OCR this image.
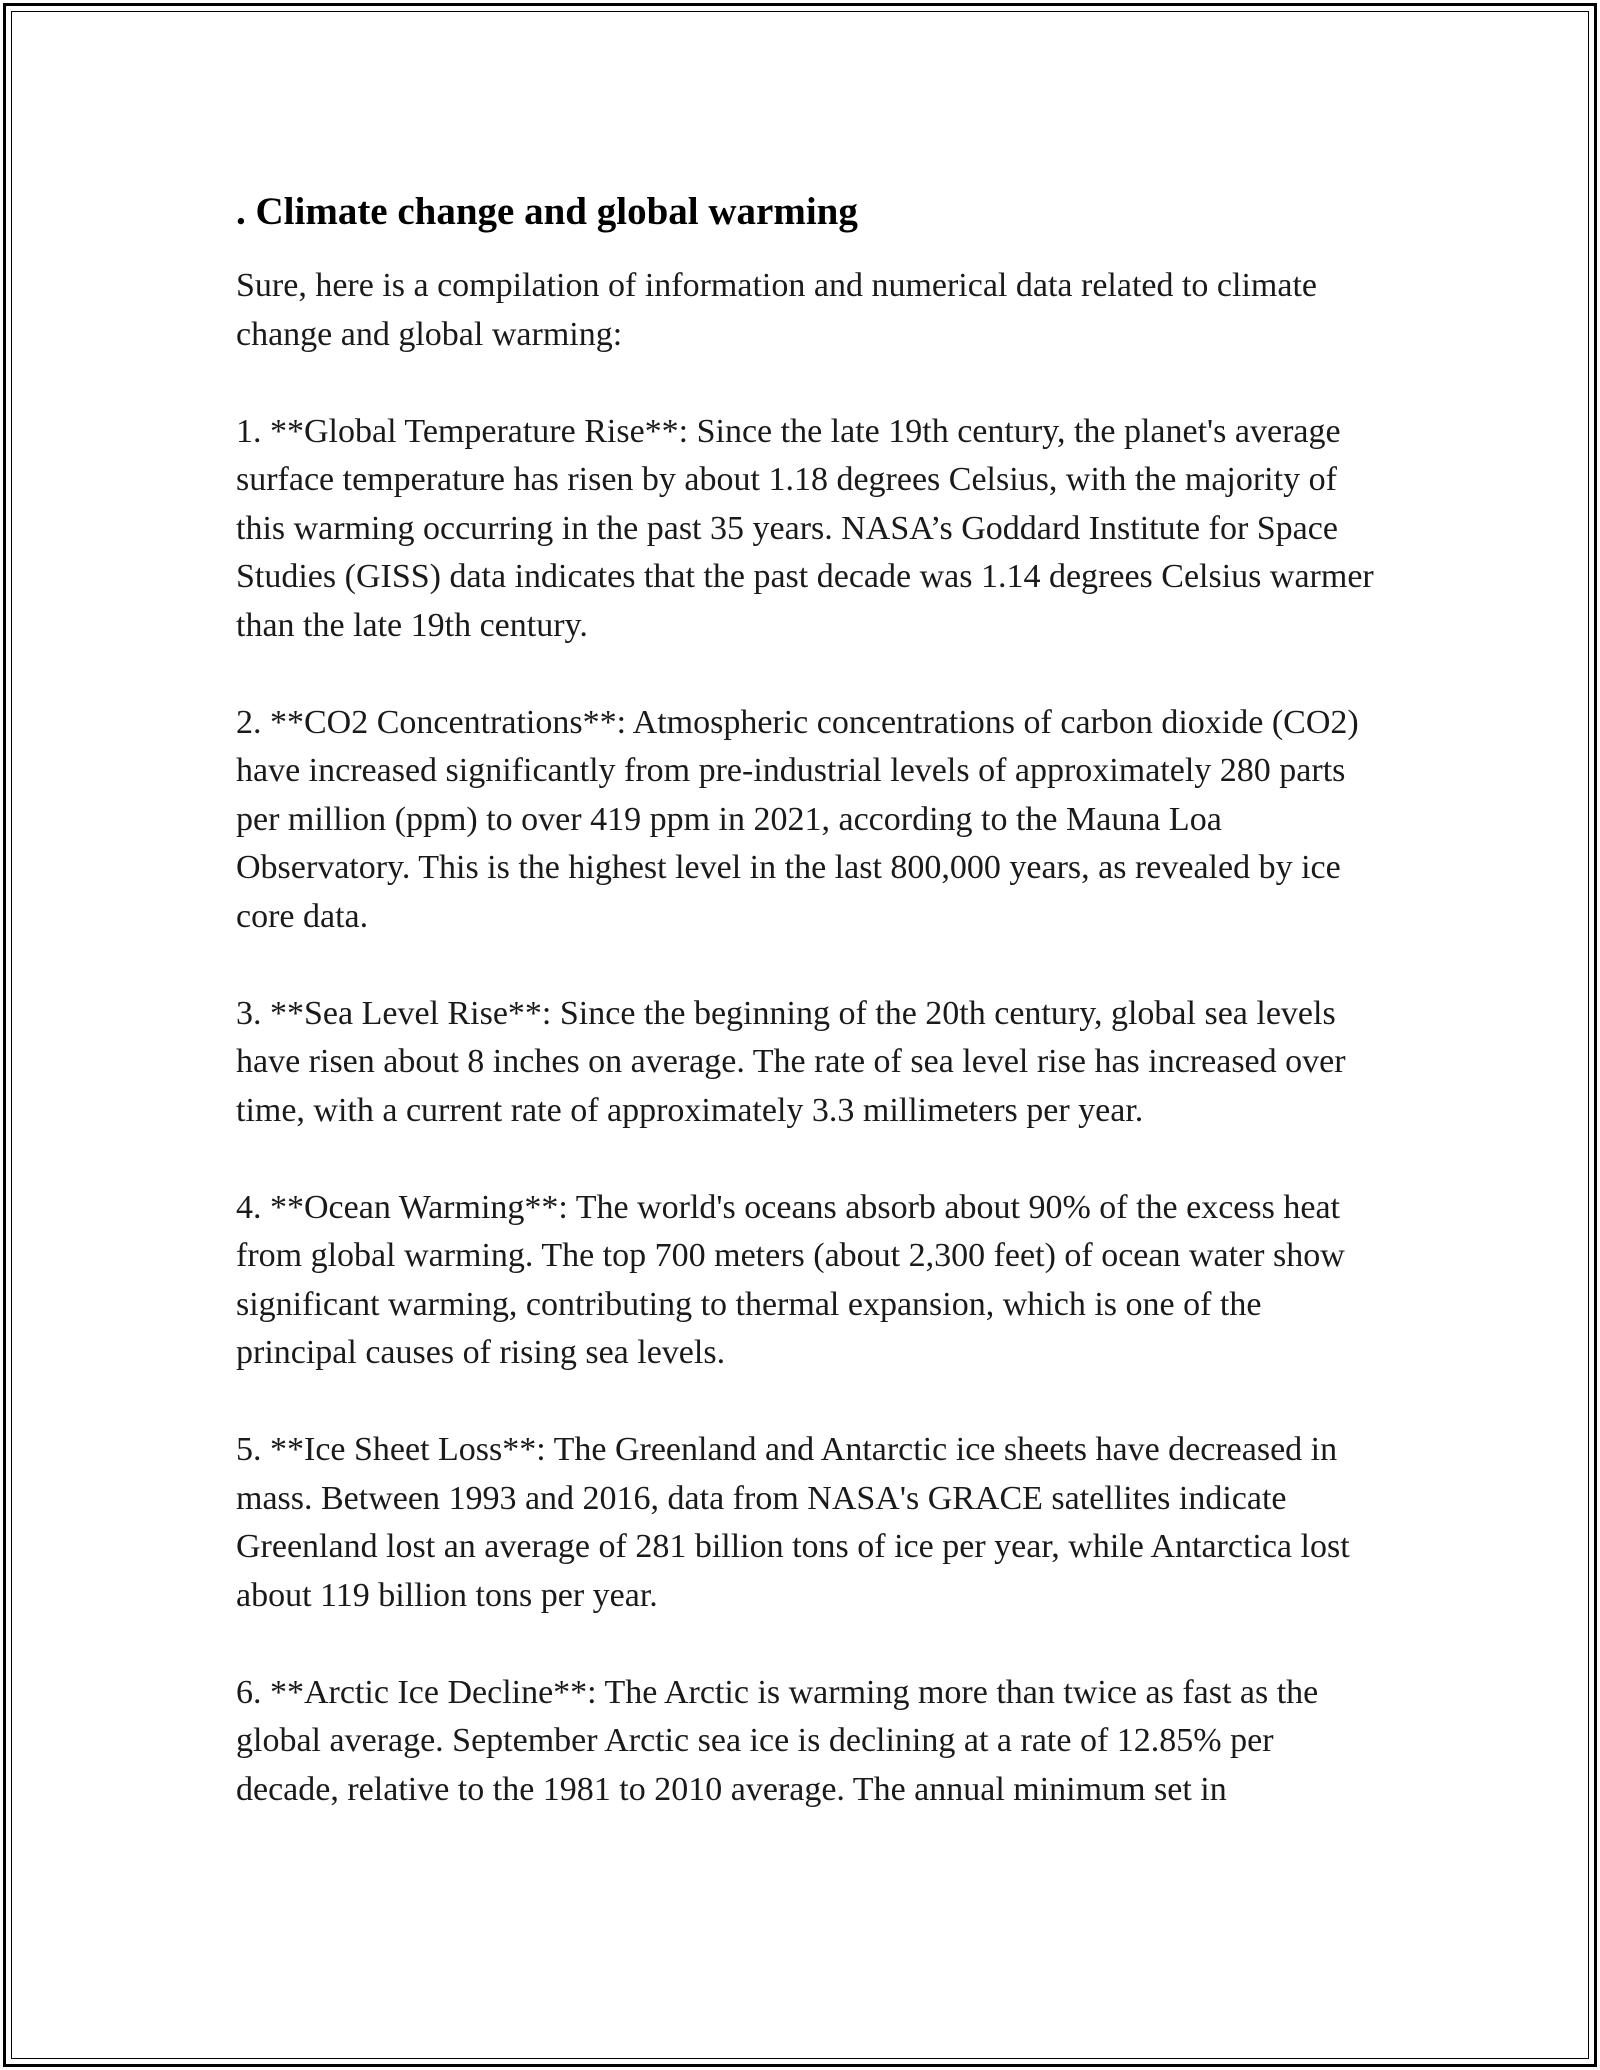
. Climate change and global warming

Sure, here is a compilation of information and numerical data related to climate change and global warming:

1. **Global Temperature Rise**: Since the late 19th century, the planet's average surface temperature has risen by about 1.18 degrees Celsius, with the majority of this warming occurring in the past 35 years. NASA’s Goddard Institute for Space Studies (GISS) data indicates that the past decade was 1.14 degrees Celsius warmer than the late 19th century.

2. **CO2 Concentrations**: Atmospheric concentrations of carbon dioxide (CO2) have increased significantly from pre-industrial levels of approximately 280 parts per million (ppm) to over 419 ppm in 2021, according to the Mauna Loa Observatory. This is the highest level in the last 800,000 years, as revealed by ice core data.

3. **Sea Level Rise**: Since the beginning of the 20th century, global sea levels have risen about 8 inches on average. The rate of sea level rise has increased over time, with a current rate of approximately 3.3 millimeters per year.

4. **Ocean Warming**: The world's oceans absorb about 90% of the excess heat from global warming. The top 700 meters (about 2,300 feet) of ocean water show significant warming, contributing to thermal expansion, which is one of the principal causes of rising sea levels.

5. **Ice Sheet Loss**: The Greenland and Antarctic ice sheets have decreased in mass. Between 1993 and 2016, data from NASA's GRACE satellites indicate Greenland lost an average of 281 billion tons of ice per year, while Antarctica lost about 119 billion tons per year.

6. **Arctic Ice Decline**: The Arctic is warming more than twice as fast as the global average. September Arctic sea ice is declining at a rate of 12.85% per decade, relative to the 1981 to 2010 average. The annual minimum set in
